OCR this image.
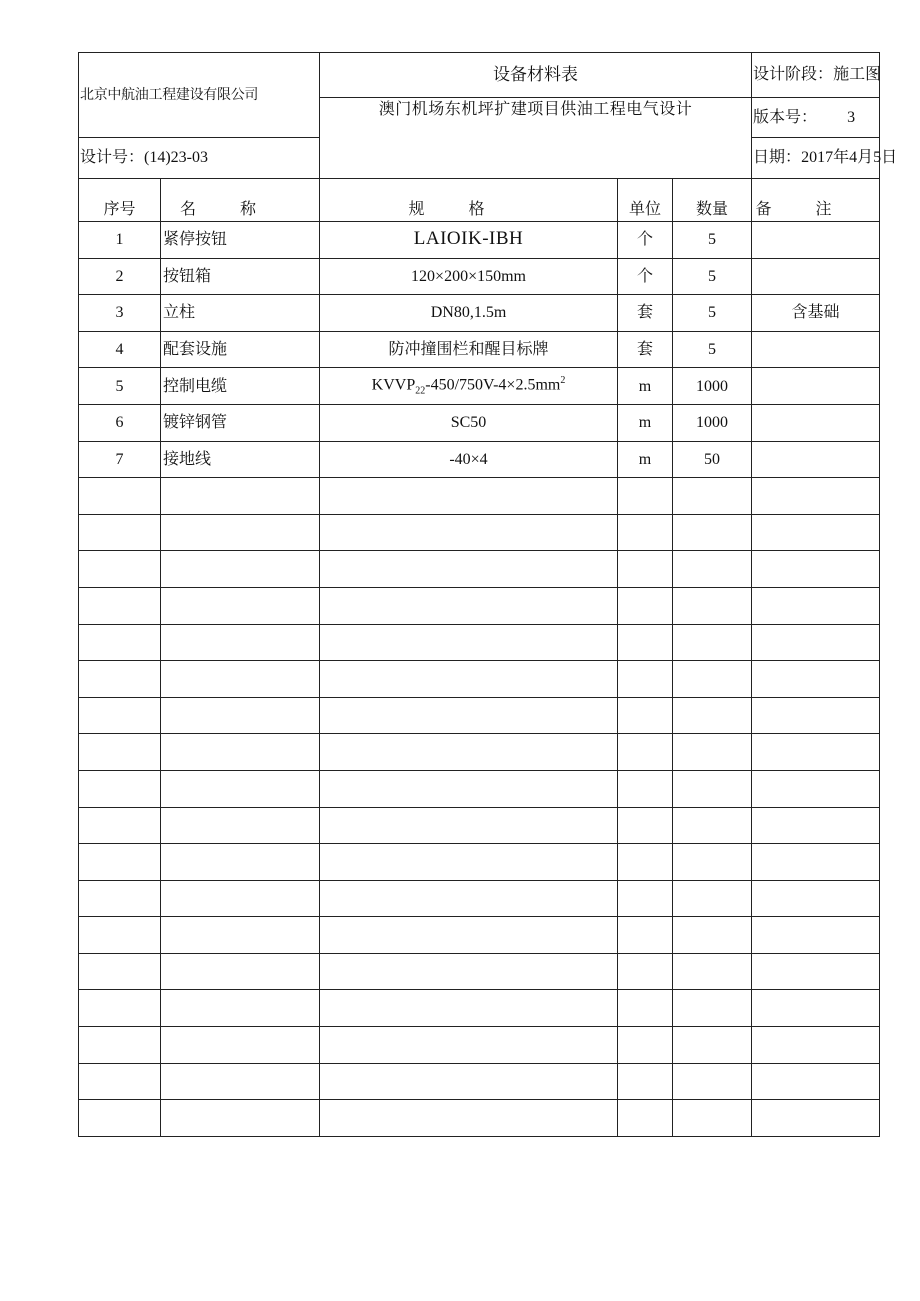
北京中航油工程建设有限公司		设备材料表			设计阶段：施工图
		澳门机场东机坪扩建项目供油工程电气设计			版本号： 3
设计号：(14)23-03					日期：2017年4月5日
序号	名称	规格	单位	数量	备注
1	紧停按钮	LAIOIK-IBH	个	5	
2	按钮箱	120×200×150mm	个	5	
3	立柱	DN80,1.5m	套	5	含基础
4	配套设施	防冲撞围栏和醒目标牌	套	5	
5	控制电缆	$KVVP_{22}-450/750V-4\times 2.5mm^2$	m	1000	
6	镀锌钢管	SC50	m	1000	
7	接地线	-40×4	m	50	
